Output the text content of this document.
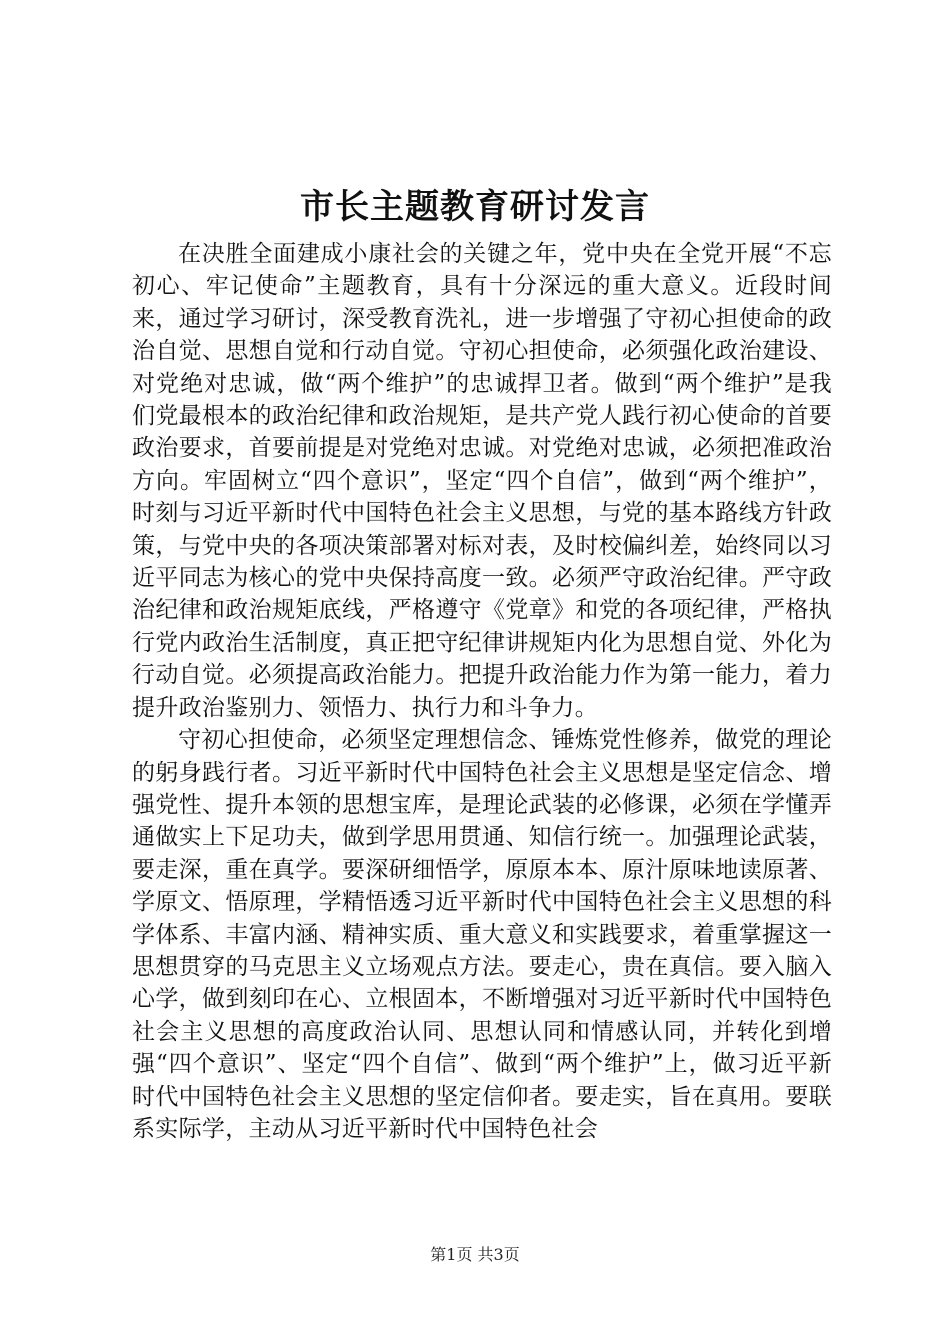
市长主题教育研讨发言

在决胜全面建成小康社会的关键之年，党中央在全党开展“不忘初心、牢记使命”主题教育，具有十分深远的重大意义。近段时间来，通过学习研讨，深受教育洗礼，进一步增强了守初心担使命的政治自觉、思想自觉和行动自觉。守初心担使命，必须强化政治建设、对党绝对忠诚，做“两个维护”的忠诚捍卫者。做到“两个维护”是我们党最根本的政治纪律和政治规矩，是共产党人践行初心使命的首要政治要求，首要前提是对党绝对忠诚。对党绝对忠诚，必须把准政治方向。牢固树立“四个意识”，坚定“四个自信”，做到“两个维护”，时刻与习近平新时代中国特色社会主义思想，与党的基本路线方针政策，与党中央的各项决策部署对标对表，及时校偏纠差，始终同以习近平同志为核心的党中央保持高度一致。必须严守政治纪律。严守政治纪律和政治规矩底线，严格遵守《党章》和党的各项纪律，严格执行党内政治生活制度，真正把守纪律讲规矩内化为思想自觉、外化为行动自觉。必须提高政治能力。把提升政治能力作为第一能力，着力提升政治鉴别力、领悟力、执行力和斗争力。

守初心担使命，必须坚定理想信念、锤炼党性修养，做党的理论的躬身践行者。习近平新时代中国特色社会主义思想是坚定信念、增强党性、提升本领的思想宝库，是理论武装的必修课，必须在学懂弄通做实上下足功夫，做到学思用贯通、知信行统一。加强理论武装，要走深，重在真学。要深研细悟学，原原本本、原汁原味地读原著、学原文、悟原理，学精悟透习近平新时代中国特色社会主义思想的科学体系、丰富内涵、精神实质、重大意义和实践要求，着重掌握这一思想贯穿的马克思主义立场观点方法。要走心，贵在真信。要入脑入心学，做到刻印在心、立根固本，不断增强对习近平新时代中国特色社会主义思想的高度政治认同、思想认同和情感认同，并转化到增强“四个意识”、坚定“四个自信”、做到“两个维护”上，做习近平新时代中国特色社会主义思想的坚定信仰者。要走实，旨在真用。要联系实际学，主动从习近平新时代中国特色社会

第1页 共3页
